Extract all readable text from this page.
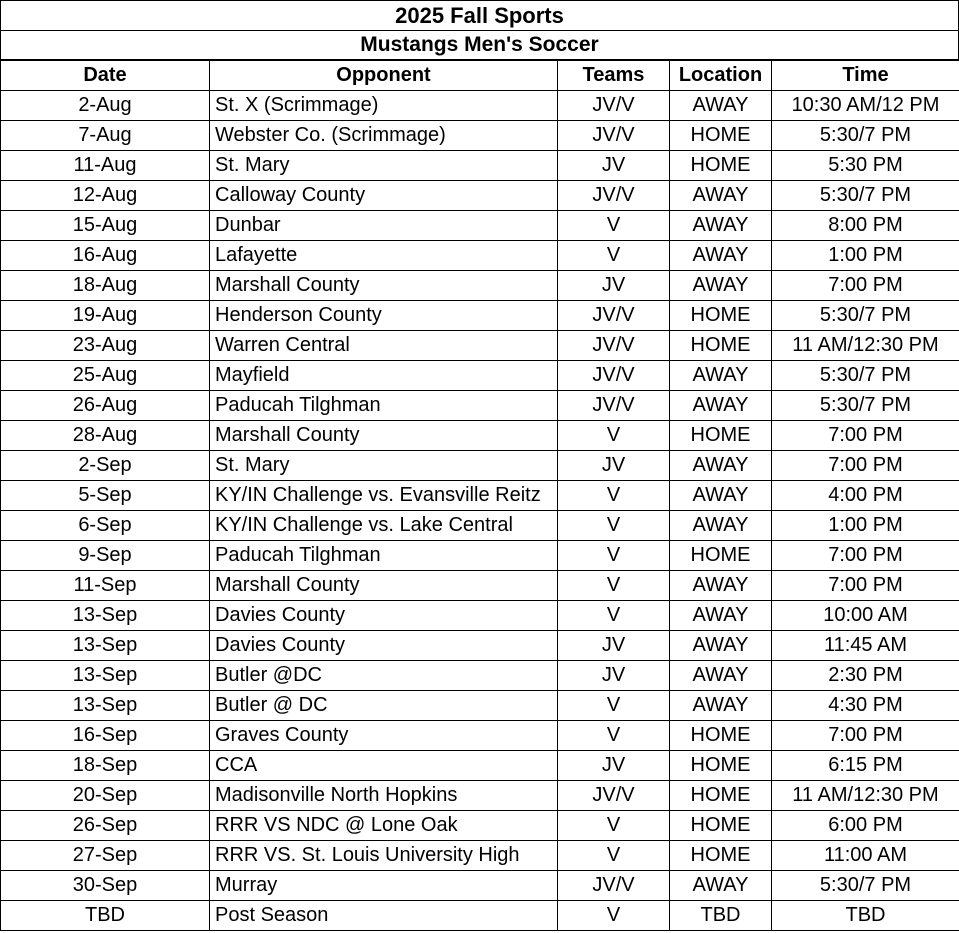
2025 Fall Sports
Mustangs Men's Soccer
Date	Opponent	Teams	Location	Time
2-Aug	St. X (Scrimmage)	JV/V	AWAY	10:30 AM/12 PM
7-Aug	Webster Co. (Scrimmage)	JV/V	HOME	5:30/7 PM
11-Aug	St. Mary	JV	HOME	5:30 PM
12-Aug	Calloway County	JV/V	AWAY	5:30/7 PM
15-Aug	Dunbar	V	AWAY	8:00 PM
16-Aug	Lafayette	V	AWAY	1:00 PM
18-Aug	Marshall County	JV	AWAY	7:00 PM
19-Aug	Henderson County	JV/V	HOME	5:30/7 PM
23-Aug	Warren Central	JV/V	HOME	11 AM/12:30 PM
25-Aug	Mayfield	JV/V	AWAY	5:30/7 PM
26-Aug	Paducah Tilghman	JV/V	AWAY	5:30/7 PM
28-Aug	Marshall County	V	HOME	7:00 PM
2-Sep	St. Mary	JV	AWAY	7:00 PM
5-Sep	KY/IN Challenge vs. Evansville Reitz	V	AWAY	4:00 PM
6-Sep	KY/IN Challenge vs. Lake Central	V	AWAY	1:00 PM
9-Sep	Paducah Tilghman	V	HOME	7:00 PM
11-Sep	Marshall County	V	AWAY	7:00 PM
13-Sep	Davies County	V	AWAY	10:00 AM
13-Sep	Davies County	JV	AWAY	11:45 AM
13-Sep	Butler @DC	JV	AWAY	2:30 PM
13-Sep	Butler @ DC	V	AWAY	4:30 PM
16-Sep	Graves County	V	HOME	7:00 PM
18-Sep	CCA	JV	HOME	6:15 PM
20-Sep	Madisonville North Hopkins	JV/V	HOME	11 AM/12:30 PM
26-Sep	RRR VS NDC @ Lone Oak	V	HOME	6:00 PM
27-Sep	RRR VS. St. Louis University High	V	HOME	11:00 AM
30-Sep	Murray	JV/V	AWAY	5:30/7 PM
TBD	Post Season	V	TBD	TBD
